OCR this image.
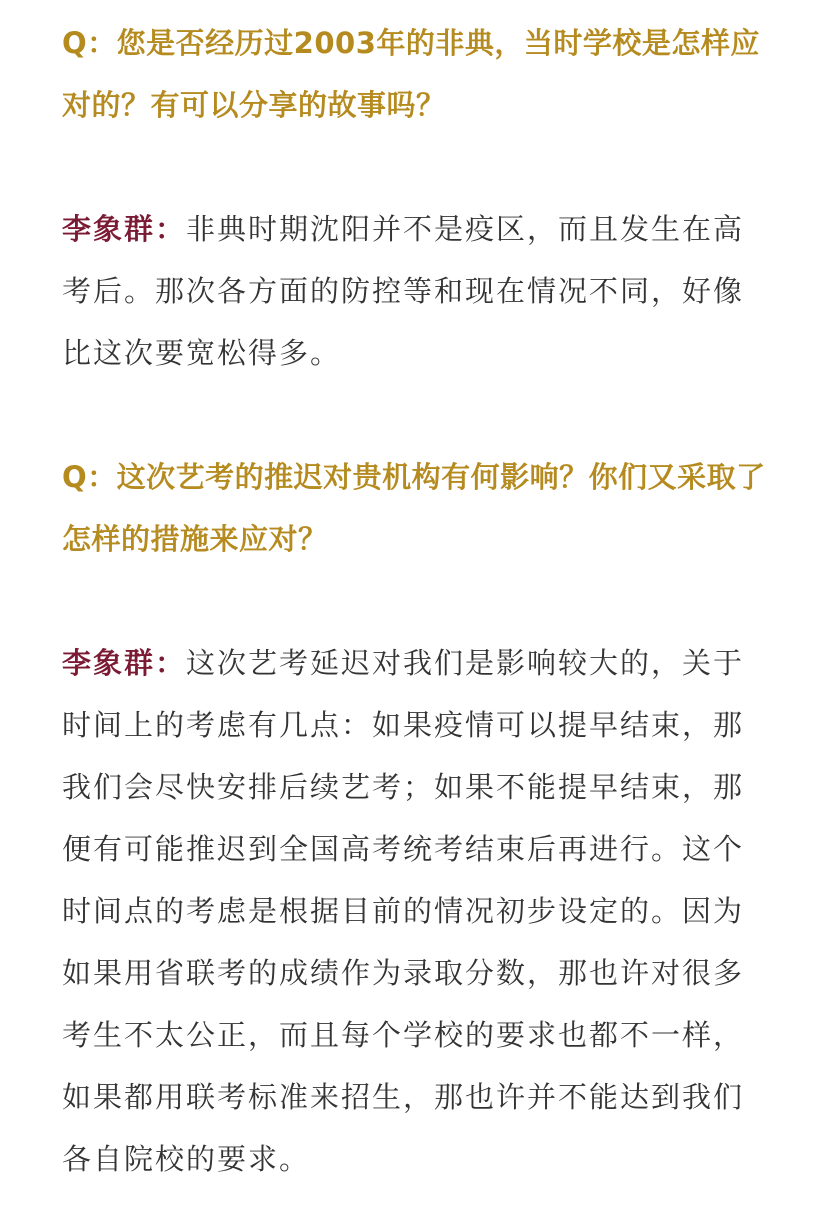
Q：您是否经历过2003年的非典，当时学校是怎样应对的？有可以分享的故事吗？

李象群：非典时期沈阳并不是疫区，而且发生在高考后。那次各方面的防控等和现在情况不同，好像比这次要宽松得多。

Q：这次艺考的推迟对贵机构有何影响？你们又采取了怎样的措施来应对？

李象群：这次艺考延迟对我们是影响较大的，关于时间上的考虑有几点：如果疫情可以提早结束，那我们会尽快安排后续艺考；如果不能提早结束，那便有可能推迟到全国高考统考结束后再进行。这个时间点的考虑是根据目前的情况初步设定的。因为如果用省联考的成绩作为录取分数，那也许对很多考生不太公正，而且每个学校的要求也都不一样，如果都用联考标准来招生，那也许并不能达到我们各自院校的要求。
